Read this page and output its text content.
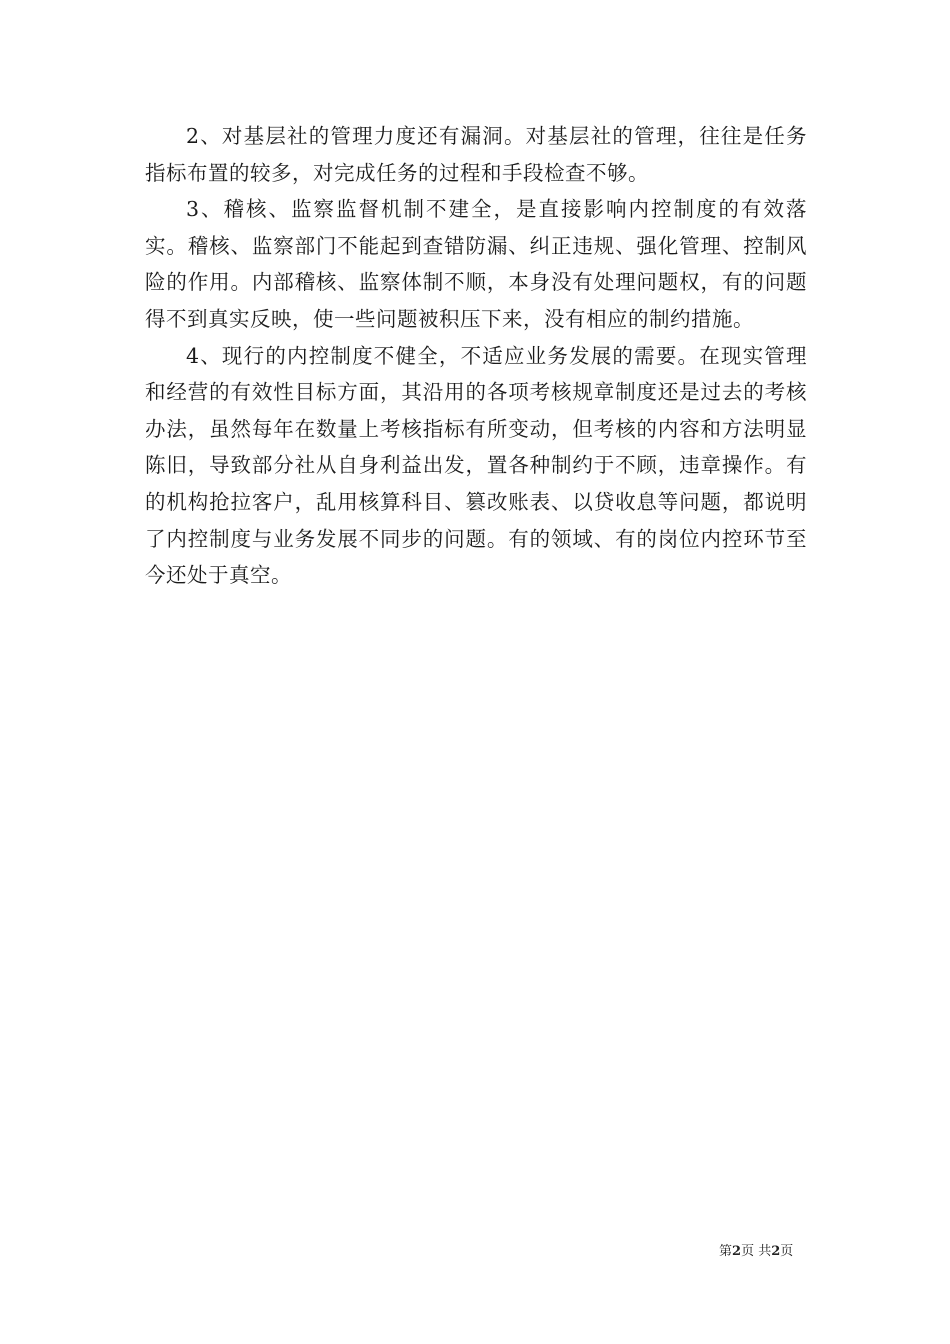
2、对基层社的管理力度还有漏洞。对基层社的管理，往往是任务指标布置的较多，对完成任务的过程和手段检查不够。

3、稽核、监察监督机制不建全，是直接影响内控制度的有效落实。稽核、监察部门不能起到查错防漏、纠正违规、强化管理、控制风险的作用。内部稽核、监察体制不顺，本身没有处理问题权，有的问题得不到真实反映，使一些问题被积压下来，没有相应的制约措施。

4、现行的内控制度不健全，不适应业务发展的需要。在现实管理和经营的有效性目标方面，其沿用的各项考核规章制度还是过去的考核办法，虽然每年在数量上考核指标有所变动，但考核的内容和方法明显陈旧，导致部分社从自身利益出发，置各种制约于不顾，违章操作。有的机构抢拉客户，乱用核算科目、篡改账表、以贷收息等问题，都说明了内控制度与业务发展不同步的问题。有的领域、有的岗位内控环节至今还处于真空。

第2页 共2页
